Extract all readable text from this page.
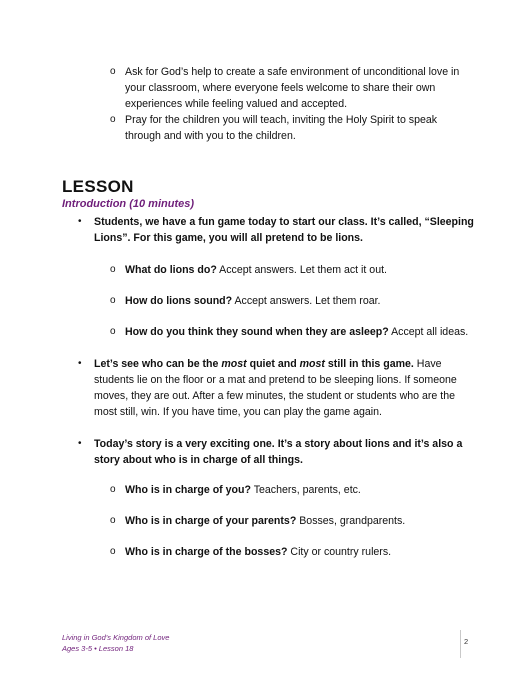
o Ask for God’s help to create a safe environment of unconditional love in your classroom, where everyone feels welcome to share their own experiences while feeling valued and accepted.
o Pray for the children you will teach, inviting the Holy Spirit to speak through and with you to the children.
LESSON
Introduction (10 minutes)
• Students, we have a fun game today to start our class. It’s called, “Sleeping Lions”. For this game, you will all pretend to be lions.
o What do lions do? Accept answers. Let them act it out.
o How do lions sound? Accept answers. Let them roar.
o How do you think they sound when they are asleep? Accept all ideas.
• Let’s see who can be the most quiet and most still in this game. Have students lie on the floor or a mat and pretend to be sleeping lions. If someone moves, they are out. After a few minutes, the student or students who are the most still, win. If you have time, you can play the game again.
• Today’s story is a very exciting one. It’s a story about lions and it’s also a story about who is in charge of all things.
o Who is in charge of you? Teachers, parents, etc.
o Who is in charge of your parents? Bosses, grandparents.
o Who is in charge of the bosses? City or country rulers.
Living in God’s Kingdom of Love
Ages 3-5 • Lesson 18
2
